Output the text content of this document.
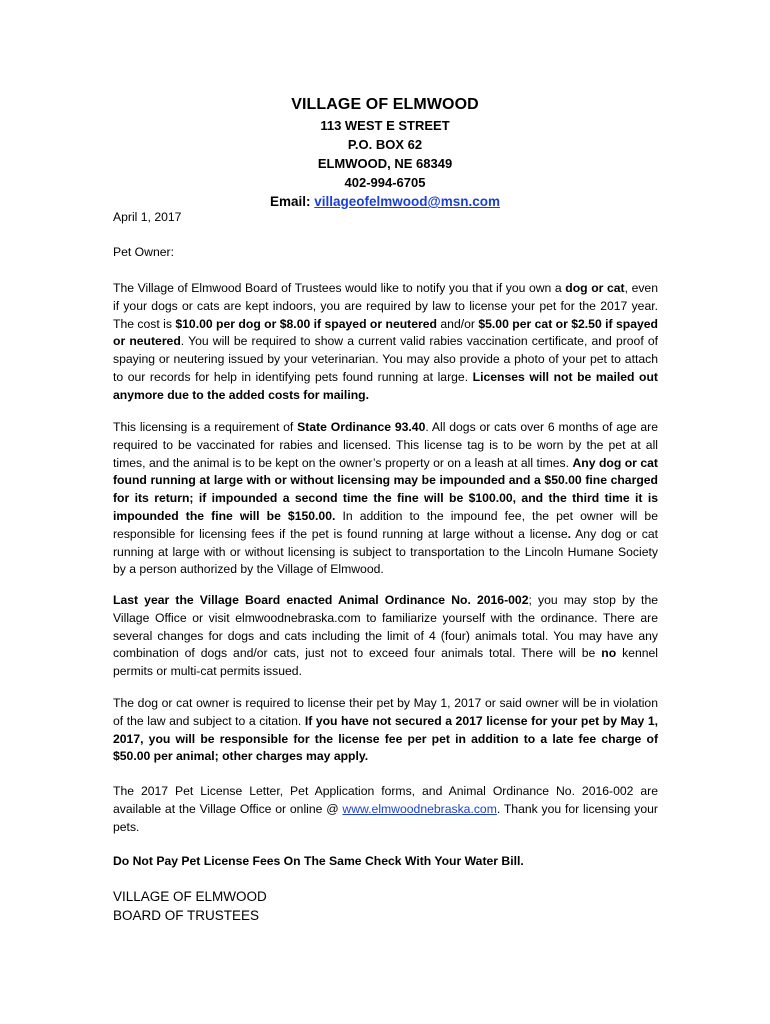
VILLAGE OF ELMWOOD
113 WEST E STREET
P.O. BOX 62
ELMWOOD, NE 68349
402-994-6705
Email: villageofelmwood@msn.com
April 1, 2017
Pet Owner:
The Village of Elmwood Board of Trustees would like to notify you that if you own a dog or cat, even if your dogs or cats are kept indoors, you are required by law to license your pet for the 2017 year. The cost is $10.00 per dog or $8.00 if spayed or neutered and/or $5.00 per cat or $2.50 if spayed or neutered. You will be required to show a current valid rabies vaccination certificate, and proof of spaying or neutering issued by your veterinarian. You may also provide a photo of your pet to attach to our records for help in identifying pets found running at large. Licenses will not be mailed out anymore due to the added costs for mailing.
This licensing is a requirement of State Ordinance 93.40. All dogs or cats over 6 months of age are required to be vaccinated for rabies and licensed. This license tag is to be worn by the pet at all times, and the animal is to be kept on the owner’s property or on a leash at all times. Any dog or cat found running at large with or without licensing may be impounded and a $50.00 fine charged for its return; if impounded a second time the fine will be $100.00, and the third time it is impounded the fine will be $150.00. In addition to the impound fee, the pet owner will be responsible for licensing fees if the pet is found running at large without a license. Any dog or cat running at large with or without licensing is subject to transportation to the Lincoln Humane Society by a person authorized by the Village of Elmwood.
Last year the Village Board enacted Animal Ordinance No. 2016-002; you may stop by the Village Office or visit elmwoodnebraska.com to familiarize yourself with the ordinance. There are several changes for dogs and cats including the limit of 4 (four) animals total. You may have any combination of dogs and/or cats, just not to exceed four animals total. There will be no kennel permits or multi-cat permits issued.
The dog or cat owner is required to license their pet by May 1, 2017 or said owner will be in violation of the law and subject to a citation. If you have not secured a 2017 license for your pet by May 1, 2017, you will be responsible for the license fee per pet in addition to a late fee charge of $50.00 per animal; other charges may apply.
The 2017 Pet License Letter, Pet Application forms, and Animal Ordinance No. 2016-002 are available at the Village Office or online @ www.elmwoodnebraska.com. Thank you for licensing your pets.
Do Not Pay Pet License Fees On The Same Check With Your Water Bill.
VILLAGE OF ELMWOOD
BOARD OF TRUSTEES
